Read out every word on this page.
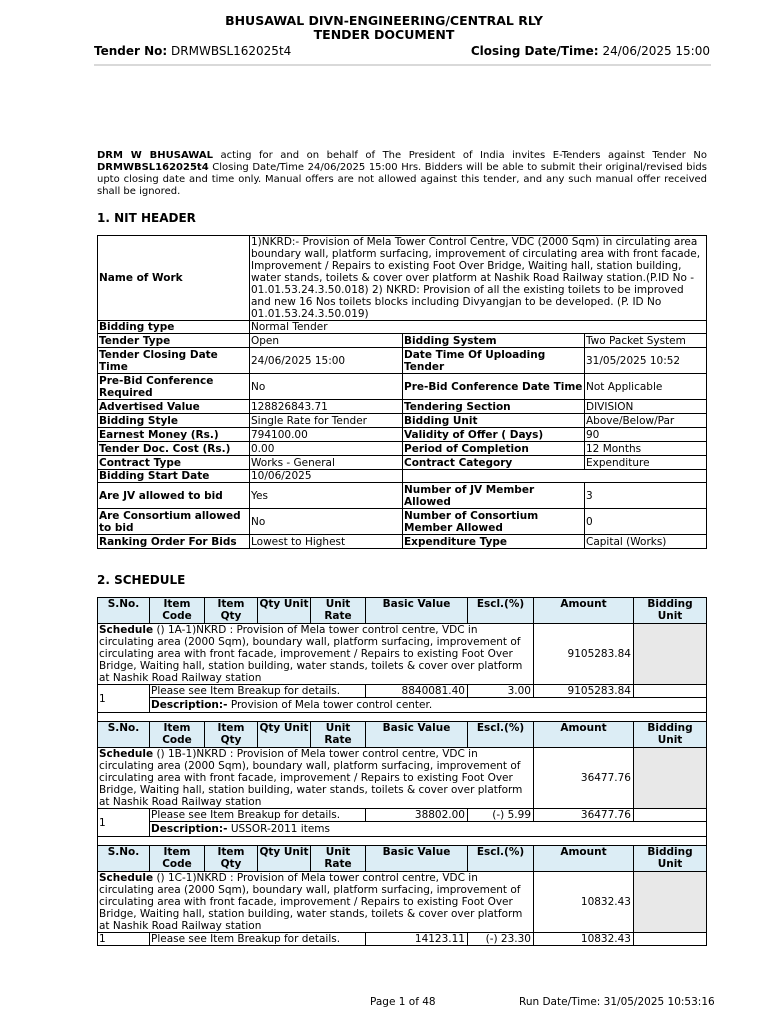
BHUSAWAL DIVN-ENGINEERING/CENTRAL RLY
TENDER DOCUMENT
Tender No: DRMWBSL162025t4	Closing Date/Time: 24/06/2025 15:00
DRM W BHUSAWAL acting for and on behalf of The President of India invites E-Tenders against Tender No DRMWBSL162025t4 Closing Date/Time 24/06/2025 15:00 Hrs. Bidders will be able to submit their original/revised bids upto closing date and time only. Manual offers are not allowed against this tender, and any such manual offer received shall be ignored.
1. NIT HEADER
Name of Work	1)NKRD:- Provision of Mela Tower Control Centre, VDC (2000 Sqm) in circulating area boundary wall, platform surfacing, improvement of circulating area with front facade, Improvement / Repairs to existing Foot Over Bridge, Waiting hall, station building, water stands, toilets & cover over platform at Nashik Road Railway station.(P.ID No - 01.01.53.24.3.50.018) 2) NKRD: Provision of all the existing toilets to be improved and new 16 Nos toilets blocks including Divyangjan to be developed. (P. ID No 01.01.53.24.3.50.019)		
Bidding type	Normal Tender		
Tender Type	Open	Bidding System	Two Packet System
Tender Closing Date Time	24/06/2025 15:00	Date Time Of Uploading Tender	31/05/2025 10:52
Pre-Bid Conference Required	No	Pre-Bid Conference Date Time	Not Applicable
Advertised Value	128826843.71	Tendering Section	DIVISION
Bidding Style	Single Rate for Tender	Bidding Unit	Above/Below/Par
Earnest Money (Rs.)	794100.00	Validity of Offer ( Days)	90
Tender Doc. Cost (Rs.)	0.00	Period of Completion	12 Months
Contract Type	Works - General	Contract Category	Expenditure
Bidding Start Date	10/06/2025		
Are JV allowed to bid	Yes	Number of JV Member Allowed	3
Are Consortium allowed to bid	No	Number of Consortium Member Allowed	0
Ranking Order For Bids	Lowest to Highest	Expenditure Type	Capital (Works)
2. SCHEDULE
S.No.	Item Code	Item Qty	Qty Unit	Unit Rate	Basic Value	Escl.(%)	Amount	Bidding Unit
Schedule () 1A-1)NKRD : Provision of Mela tower control centre, VDC in circulating area (2000 Sqm), boundary wall, platform surfacing, improvement of circulating area with front facade, improvement / Repairs to existing Foot Over Bridge, Waiting hall, station building, water stands, toilets & cover over platform at Nashik Road Railway station							9105283.84	
1	Please see Item Breakup for details.				8840081.40	3.00	9105283.84	
	Description:- Provision of Mela tower control center.							

S.No.	Item Code	Item Qty	Qty Unit	Unit Rate	Basic Value	Escl.(%)	Amount	Bidding Unit
Schedule () 1B-1)NKRD : Provision of Mela tower control centre, VDC in circulating area (2000 Sqm), boundary wall, platform surfacing, improvement of circulating area with front facade, improvement / Repairs to existing Foot Over Bridge, Waiting hall, station building, water stands, toilets & cover over platform at Nashik Road Railway station							36477.76	
1	Please see Item Breakup for details.				38802.00	(-) 5.99	36477.76	
	Description:- USSOR-2011 items							

S.No.	Item Code	Item Qty	Qty Unit	Unit Rate	Basic Value	Escl.(%)	Amount	Bidding Unit
Schedule () 1C-1)NKRD : Provision of Mela tower control centre, VDC in circulating area (2000 Sqm), boundary wall, platform surfacing, improvement of circulating area with front facade, improvement / Repairs to existing Foot Over Bridge, Waiting hall, station building, water stands, toilets & cover over platform at Nashik Road Railway station							10832.43	
1	Please see Item Breakup for details.				14123.11	(-) 23.30	10832.43	
Page 1 of 48	Run Date/Time: 31/05/2025 10:53:16
